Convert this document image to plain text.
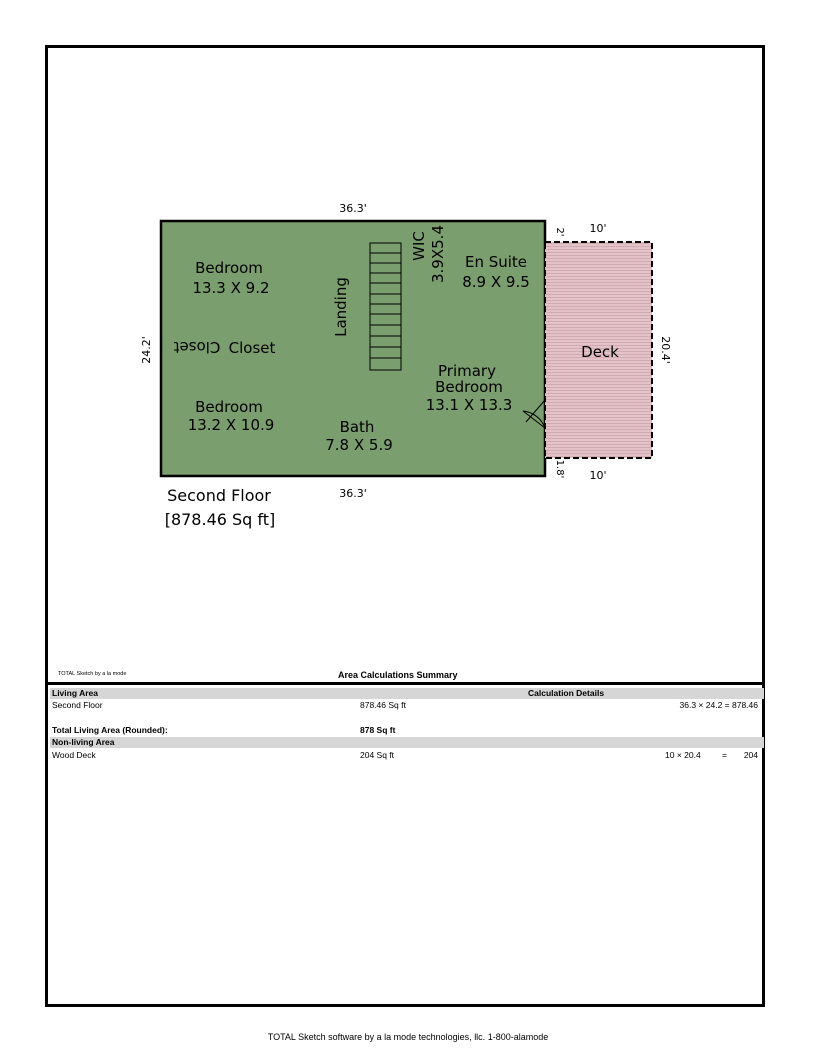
36.3'
36.3'
24.2'	20.4'
10'
10'
2'
1.8'
Bedroom
13.3 X 9.2
Closet Closet
Bedroom
13.2 X 10.9
Landing
WIC 3.9X5.4 En Suite
8.9 X 9.5
Primary
Bedroom
13.1 X 13.3
Bath
7.8 X 5.9
Deck
Second Floor
[878.46 Sq ft]
TOTAL Sketch by a la mode	Area Calculations Summary
Living Area	Calculation Details
Second Floor	878.46 Sq ft	36.3 × 24.2 = 878.46
Total Living Area (Rounded):	878 Sq ft
Non-living Area
Wood Deck	204 Sq ft	10 × 20.4	= 204
TOTAL Sketch software by a la mode technologies, llc. 1-800-alamode
